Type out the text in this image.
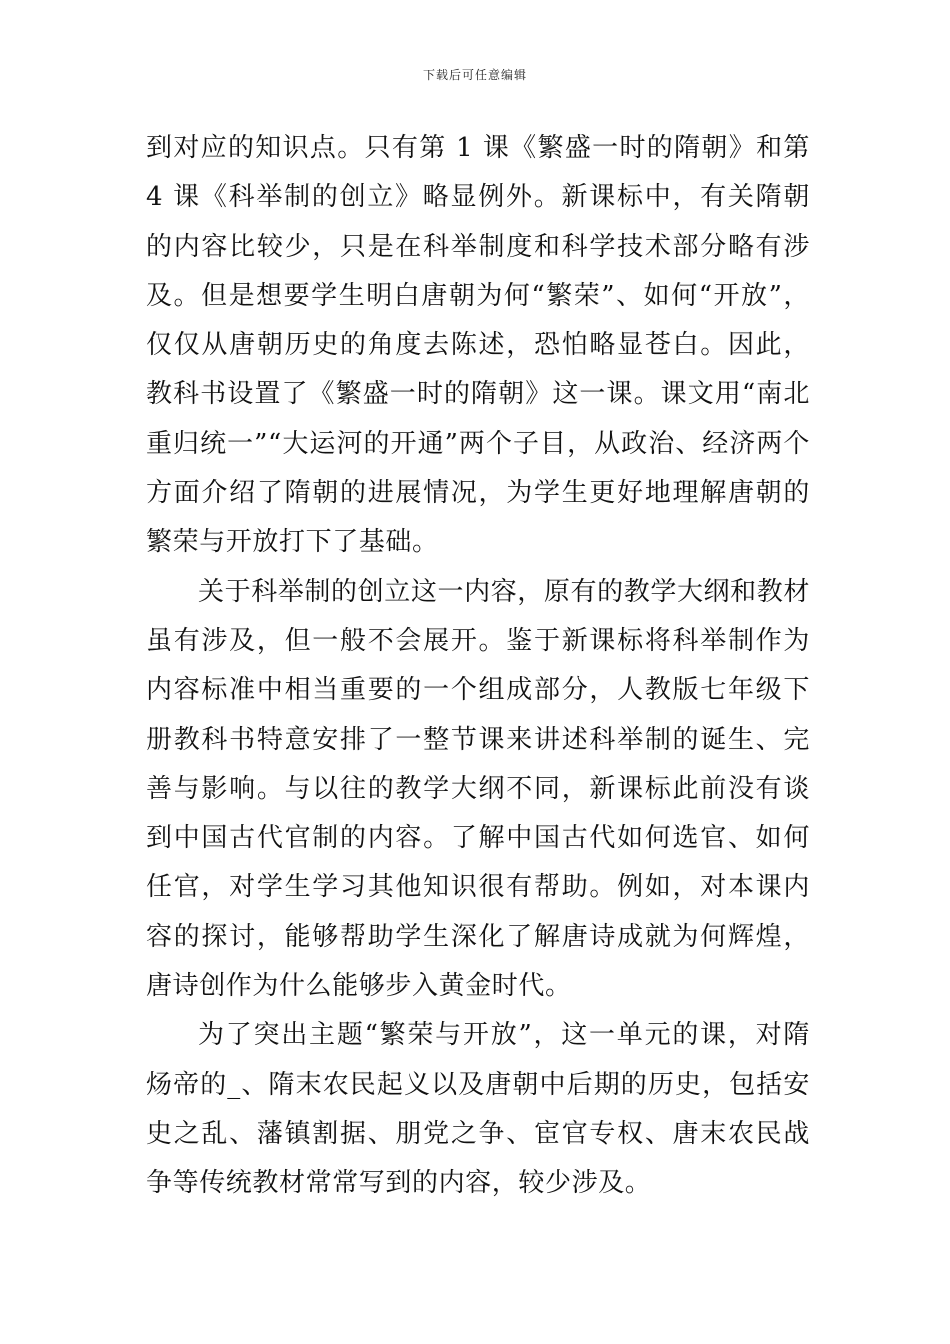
下载后可任意编辑

到对应的知识点。只有第 1 课《繁盛一时的隋朝》和第 4 课《科举制的创立》略显例外。新课标中，有关隋朝的内容比较少，只是在科举制度和科学技术部分略有涉及。但是想要学生明白唐朝为何“繁荣”、如何“开放”，仅仅从唐朝历史的角度去陈述，恐怕略显苍白。因此，教科书设置了《繁盛一时的隋朝》这一课。课文用“南北重归统一”“大运河的开通”两个子目，从政治、经济两个方面介绍了隋朝的进展情况，为学生更好地理解唐朝的繁荣与开放打下了基础。

关于科举制的创立这一内容，原有的教学大纲和教材虽有涉及，但一般不会展开。鉴于新课标将科举制作为内容标准中相当重要的一个组成部分，人教版七年级下册教科书特意安排了一整节课来讲述科举制的诞生、完善与影响。与以往的教学大纲不同，新课标此前没有谈到中国古代官制的内容。了解中国古代如何选官、如何任官，对学生学习其他知识很有帮助。例如，对本课内容的探讨，能够帮助学生深化了解唐诗成就为何辉煌，唐诗创作为什么能够步入黄金时代。

为了突出主题“繁荣与开放”，这一单元的课，对隋炀帝的_、隋末农民起义以及唐朝中后期的历史，包括安史之乱、藩镇割据、朋党之争、宦官专权、唐末农民战争等传统教材常常写到的内容，较少涉及。
